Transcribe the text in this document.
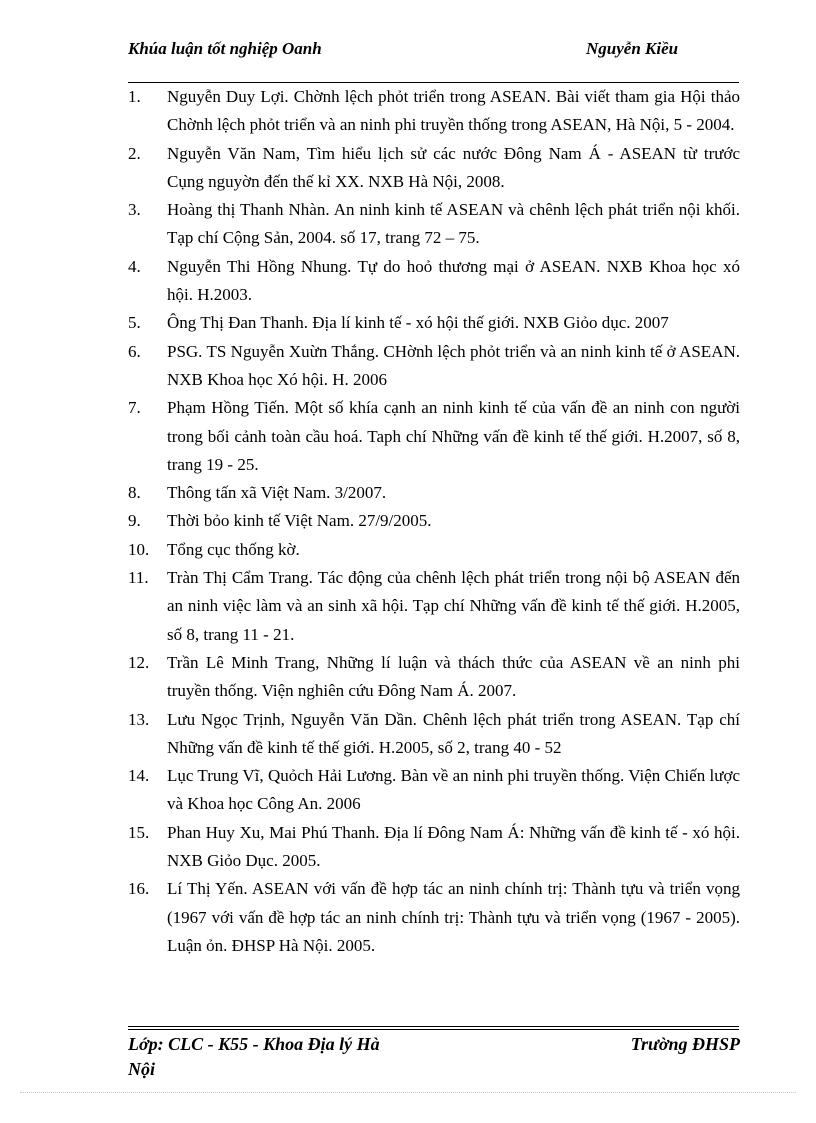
Khúa luận tốt nghiệp Oanh	Nguyễn Kiều
1. Nguyễn Duy Lợi. Chờnh lệch phỏt triển trong ASEAN. Bài viết tham gia Hội thảo Chờnh lệch phỏt triển và an ninh phi truyền thống trong ASEAN, Hà Nội, 5 - 2004.
2. Nguyễn Văn Nam, Tìm hiểu lịch sử các nước Đông Nam Á - ASEAN từ trước Cụng nguyờn đến thế kỉ XX. NXB Hà Nội, 2008.
3. Hoàng thị Thanh Nhàn. An ninh kinh tế ASEAN và chênh lệch phát triển nội khối. Tạp chí Cộng Sản, 2004. số 17, trang 72 – 75.
4. Nguyễn Thi Hồng Nhung. Tự do hoỏ thương mại ở ASEAN. NXB Khoa học xó hội. H.2003.
5. Ông Thị Đan Thanh. Địa lí kinh tế - xó hội thế giới. NXB Giỏo dục. 2007
6. PSG. TS Nguyễn Xuừn Thắng. CHờnh lệch phỏt triển và an ninh kinh tế ở ASEAN. NXB Khoa học Xó hội. H. 2006
7. Phạm Hồng Tiến. Một số khía cạnh an ninh kinh tế của vấn đề an ninh con người trong bối cảnh toàn cầu hoá. Taph chí Những vấn đề kinh tế thế giới. H.2007, số 8, trang 19 - 25.
8. Thông tấn xã Việt Nam. 3/2007.
9. Thời bỏo kinh tế Việt Nam. 27/9/2005.
10. Tổng cục thống kờ.
11. Tràn Thị Cẩm Trang. Tác động của chênh lệch phát triển trong nội bộ ASEAN đến an ninh việc làm và an sinh xã hội. Tạp chí Những vấn đề kinh tế thế giới. H.2005, số 8, trang 11 - 21.
12. Trần Lê Minh Trang, Những lí luận và thách thức của ASEAN về an ninh phi truyền thống. Viện nghiên cứu Đông Nam Á. 2007.
13. Lưu Ngọc Trịnh, Nguyễn Văn Dần. Chênh lệch phát triển trong ASEAN. Tạp chí Những vấn đề kinh tế thế giới. H.2005, số 2, trang 40 - 52
14. Lục Trung Vĩ, Quỏch Hải Lương. Bàn về an ninh phi truyền thống. Viện Chiến lược và Khoa học Công An. 2006
15. Phan Huy Xu, Mai Phú Thanh. Địa lí Đông Nam Á: Những vấn đề kinh tế - xó hội. NXB Giỏo Dục. 2005.
16. Lí Thị Yến. ASEAN với vấn đề hợp tác an ninh chính trị: Thành tựu và triển vọng (1967 với vấn đề hợp tác an ninh chính trị: Thành tựu và triển vọng (1967 - 2005). Luận ỏn. ĐHSP Hà Nội. 2005.
Lớp: CLC - K55 - Khoa Địa lý Hà Nội
Trường ĐHSP
